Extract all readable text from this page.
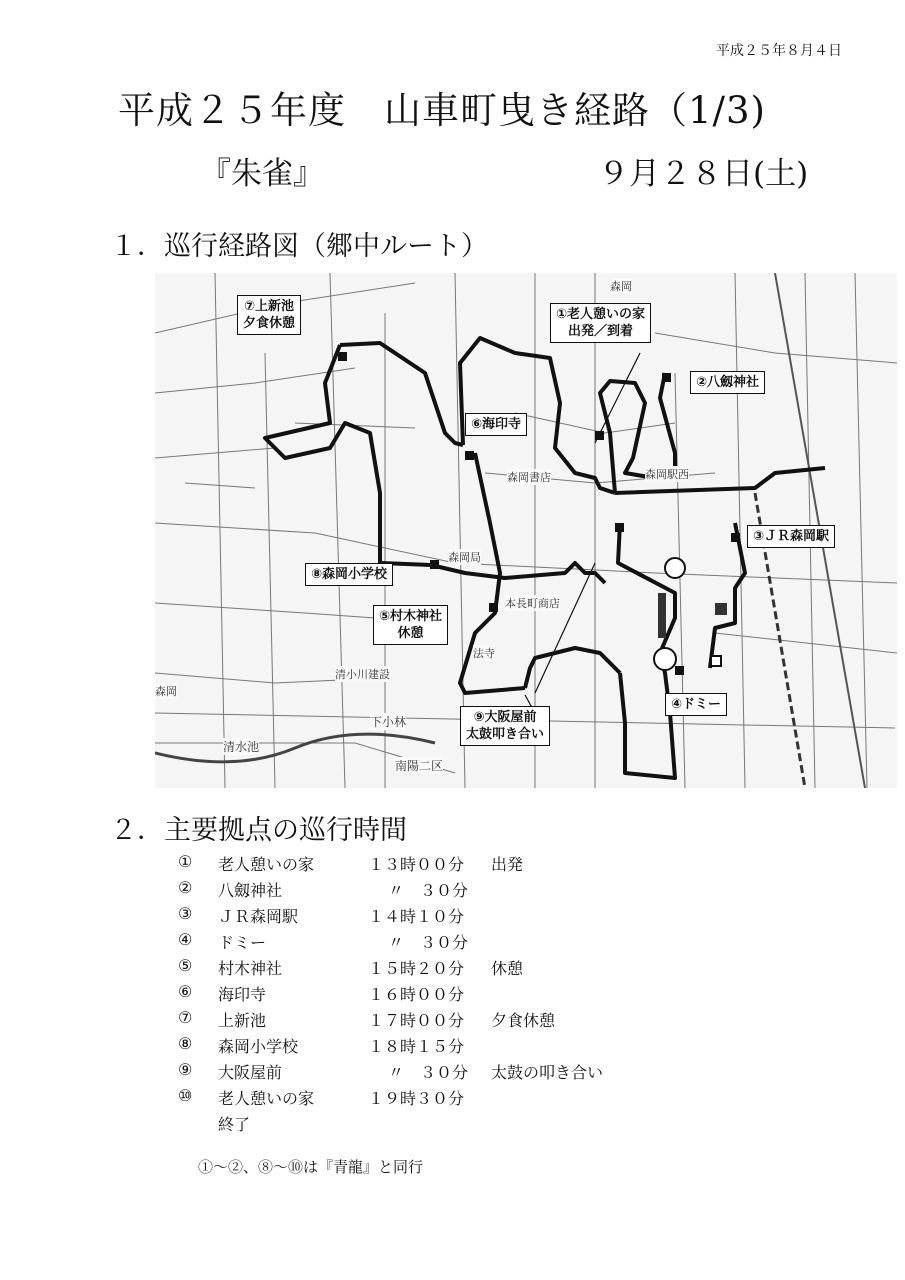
平成２５年８月４日
平成２５年度　山車町曳き経路（1/3)
『朱雀』	９月２８日(土)
１．巡行経路図（郷中ルート）
⑦上新池
夕食休憩
①老人憩いの家
出発／到着
②八劔神社
⑥海印寺
③ＪＲ森岡駅
⑧森岡小学校
⑤村木神社
休憩
④ドミー
⑨大阪屋前
太鼓叩き合い
森岡
下小林
清水池
南陽二区
森岡書店	森岡駅西
森岡局
清小川建設
法寺
森岡
本長町商店
２．主要拠点の巡行時間
① 老人憩いの家	１３時００分 出発
② 八劔神社	〃　３０分
③ ＪＲ森岡駅	１４時１０分
④ ドミー	〃　３０分
⑤ 村木神社	１５時２０分 休憩
⑥ 海印寺	１６時００分
⑦ 上新池	１７時００分 夕食休憩
⑧ 森岡小学校	１８時１５分
⑨ 大阪屋前	〃　３０分 太鼓の叩き合い
⑩ 老人憩いの家	１９時３０分
終了
①～②、⑧～⑩は『青龍』と同行
